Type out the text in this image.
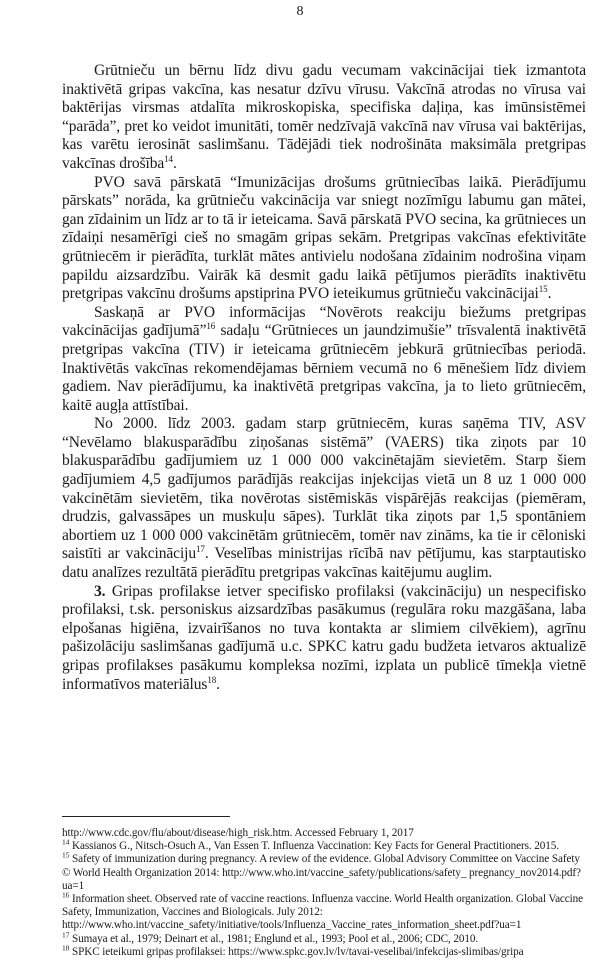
8

Grūtnieču un bērnu līdz divu gadu vecumam vakcinācijai tiek izmantota inaktivētā gripas vakcīna, kas nesatur dzīvu vīrusu. Vakcīnā atrodas no vīrusa vai baktērijas virsmas atdalīta mikroskopiska, specifiska daļiņa, kas imūnsistēmei “parāda”, pret ko veidot imunitāti, tomēr nedzīvajā vakcīnā nav vīrusa vai baktērijas, kas varētu ierosināt saslimšanu. Tādējādi tiek nodrošināta maksimāla pretgripas vakcīnas drošība$^{14}$.

PVO savā pārskatā “Imunizācijas drošums grūtniecības laikā. Pierādījumu pārskats” norāda, ka grūtnieču vakcinācija var sniegt nozīmīgu labumu gan mātei, gan zīdainim un līdz ar to tā ir ieteicama. Savā pārskatā PVO secina, ka grūtnieces un zīdaiņi nesamērīgi cieš no smagām gripas sekām. Pretgripas vakcīnas efektivitāte grūtniecēm ir pierādīta, turklāt mātes antivielu nodošana zīdainim nodrošina viņam papildu aizsardzību. Vairāk kā desmit gadu laikā pētījumos pierādīts inaktivētu pretgripas vakcīnu drošums apstiprina PVO ieteikumus grūtnieču vakcinācijai$^{15}$.

Saskaņā ar PVO informācijas “Novērots reakciju biežums pretgripas vakcinācijas gadījumā”$^{16}$ sadaļu “Grūtnieces un jaundzimušie” trīsvalentā inaktivētā pretgripas vakcīna (TIV) ir ieteicama grūtniecēm jebkurā grūtniecības periodā. Inaktivētās vakcīnas rekomendējamas bērniem vecumā no 6 mēnešiem līdz diviem gadiem. Nav pierādījumu, ka inaktivētā pretgripas vakcīna, ja to lieto grūtniecēm, kaitē augļa attīstībai.

No 2000. līdz 2003. gadam starp grūtniecēm, kuras saņēma TIV, ASV “Nevēlamo blakusparādību ziņošanas sistēmā” (VAERS) tika ziņots par 10 blakusparādību gadījumiem uz 1 000 000 vakcinētajām sievietēm. Starp šiem gadījumiem 4,5 gadījumos parādījās reakcijas injekcijas vietā un 8 uz 1 000 000 vakcinētām sievietēm, tika novērotas sistēmiskās vispārējās reakcijas (piemēram, drudzis, galvassāpes un muskuļu sāpes). Turklāt tika ziņots par 1,5 spontāniem abortiem uz 1 000 000 vakcinētām grūtniecēm, tomēr nav zināms, ka tie ir cēloniski saistīti ar vakcināciju$^{17}$. Veselības ministrijas rīcībā nav pētījumu, kas starptautisko datu analīzes rezultātā pierādītu pretgripas vakcīnas kaitējumu auglim.

3. Gripas profilakse ietver specifisko profilaksi (vakcināciju) un nespecifisko profilaksi, t.sk. personiskus aizsardzības pasākumus (regulāra roku mazgāšana, laba elpošanas higiēna, izvairīšanos no tuva kontakta ar slimiem cilvēkiem), agrīnu pašizolāciju saslimšanas gadījumā u.c. SPKC katru gadu budžeta ietvaros aktualizē gripas profilakses pasākumu kompleksa nozīmi, izplata un publicē tīmekļa vietnē informatīvos materiālus$^{18}$.

http://www.cdc.gov/flu/about/disease/high_risk.htm. Accessed February 1, 2017

$^{14}$ Kassianos G., Nitsch-Osuch A., Van Essen T. Influenza Vaccination: Key Facts for General Practitioners. 2015.

$^{15}$ Safety of immunization during pregnancy. A review of the evidence. Global Advisory Committee on Vaccine Safety © World Health Organization 2014: http://www.who.int/vaccine_safety/publications/safety_ pregnancy_nov2014.pdf?ua=1

$^{16}$ Information sheet. Observed rate of vaccine reactions. Influenza vaccine. World Health organization. Global Vaccine Safety, Immunization, Vaccines and Biologicals. July 2012: http://www.who.int/vaccine_safety/initiative/tools/Influenza_Vaccine_rates_information_sheet.pdf?ua=1

$^{17}$ Sumaya et al., 1979; Deinart et al., 1981; Englund et al., 1993; Pool et al., 2006; CDC, 2010.

$^{18}$ SPKC ieteikumi gripas profilaksei: https://www.spkc.gov.lv/lv/tavai-veselibai/infekcijas-slimibas/gripa
